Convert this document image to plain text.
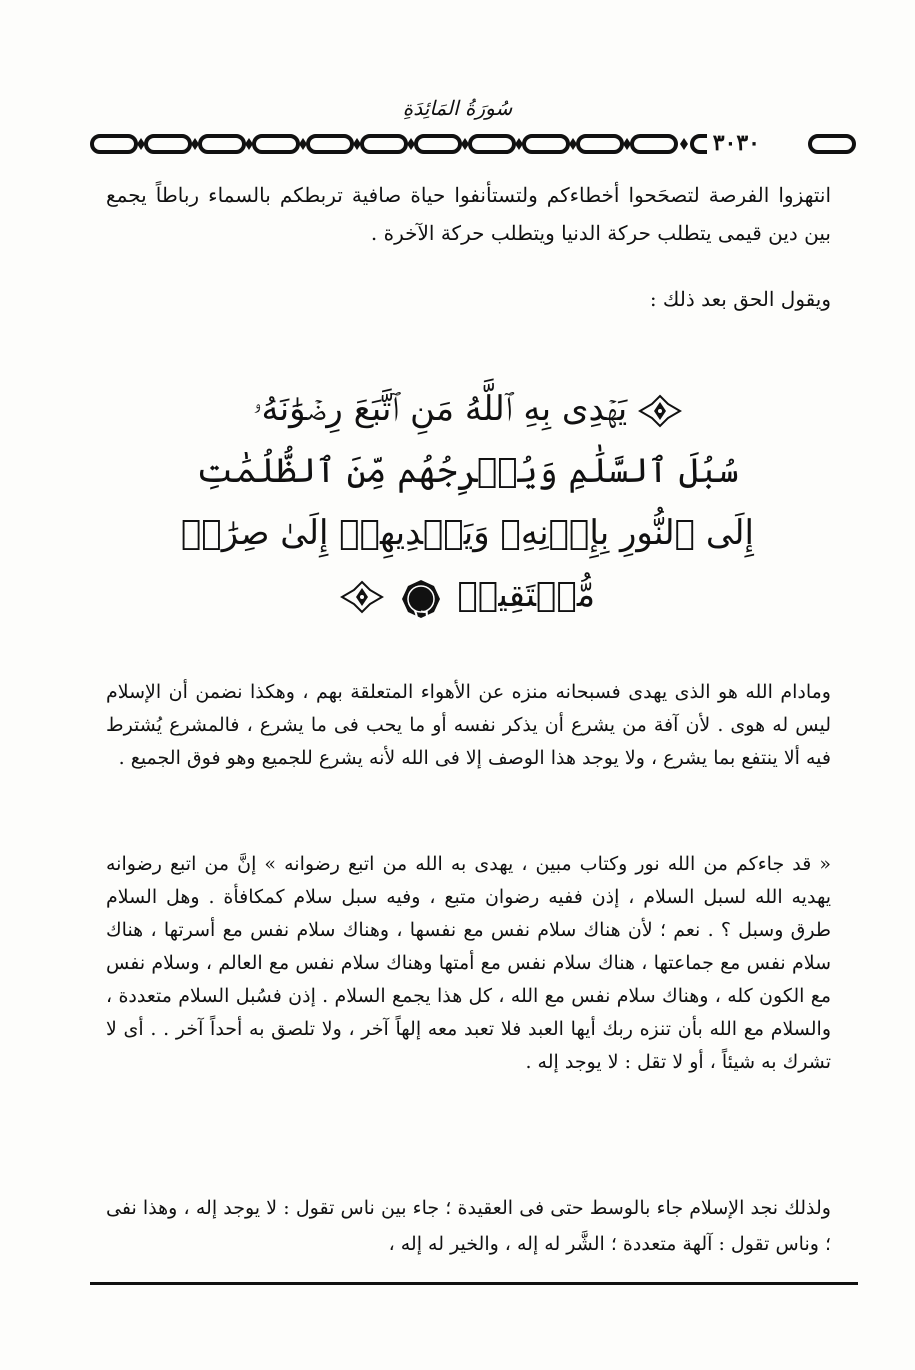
سُورَةُ المَائِدَةِ
٣٠٣٠
انتهزوا الفرصة لتصحَحوا أخطاءكم ولتستأنفوا حياة صافية تربطكم بالسماء رباطاً يجمع بين دين قيمى يتطلب حركة الدنيا ويتطلب حركة الآخرة .
ويقول الحق بعد ذلك :
يَهۡدِى بِهِ ٱللَّهُ مَنِ ٱتَّبَعَ رِضۡوَٰنَهُۥ
سُبُلَ ٱلسَّلَٰمِ وَيُخۡرِجُهُم مِّنَ ٱلظُّلُمَٰتِ
إِلَى ٱلنُّورِ بِإِذۡنِهِۦ وَيَهۡدِيهِمۡ إِلَىٰ صِرَٰطٖ
مُّسۡتَقِيمٖ
١٦

ومادام الله هو الذى يهدى فسبحانه منزه عن الأهواء المتعلقة بهم ، وهكذا نضمن أن الإسلام ليس له هوى . لأن آفة من يشرع أن يذكر نفسه أو ما يحب فى ما يشرع ، فالمشرع يُشترط فيه ألا ينتفع بما يشرع ، ولا يوجد هذا الوصف إلا فى الله لأنه يشرع للجميع وهو فوق الجميع .
« قد جاءكم من الله نور وكتاب مبين ، يهدى به الله من اتبع رضوانه » إنَّ من اتبع رضوانه يهديه الله لسبل السلام ، إذن ففيه رضوان متبع ، وفيه سبل سلام كمكافأة . وهل السلام طرق وسبل ؟ . نعم ؛ لأن هناك سلام نفس مع نفسها ، وهناك سلام نفس مع أسرتها ، هناك سلام نفس مع جماعتها ، هناك سلام نفس مع أمتها وهناك سلام نفس مع العالم ، وسلام نفس مع الكون كله ، وهناك سلام نفس مع الله ، كل هذا يجمع السلام . إذن فسُبل السلام متعددة ، والسلام مع الله بأن تنزه ربك أيها العبد فلا تعبد معه إلهاً آخر ، ولا تلصق به أحداً آخر . . أى لا تشرك به شيئاً ، أو لا تقل : لا يوجد إله .
ولذلك نجد الإسلام جاء بالوسط حتى فى العقيدة ؛ جاء بين ناس تقول : لا يوجد إله ، وهذا نفى ؛ وناس تقول : آلهة متعددة ؛ الشَّر له إله ، والخير له إله ،
